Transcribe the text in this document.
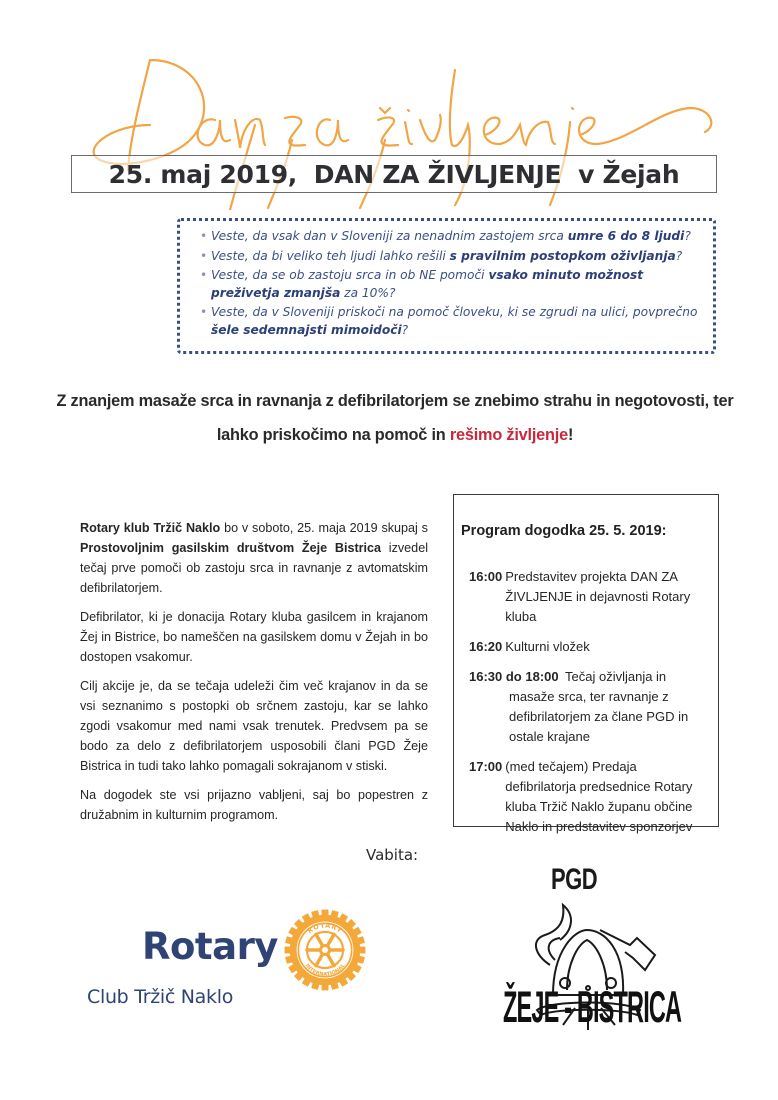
25. maj 2019,  DAN ZA ŽIVLJENJE  v Žejah
• Veste, da vsak dan v Sloveniji za nenadnim zastojem srca umre 6 do 8 ljudi?
• Veste, da bi veliko teh ljudi lahko rešili s pravilnim postopkom oživljanja?
• Veste, da se ob zastoju srca in ob NE pomoči vsako minuto možnost preživetja zmanjša za 10%?
• Veste, da v Sloveniji priskoči na pomoč človeku, ki se zgrudi na ulici, povprečno šele sedemnajsti mimoidoči?
Z znanjem masaže srca in ravnanja z defibrilatorjem se znebimo strahu in negotovosti, ter lahko priskočimo na pomoč in rešimo življenje!

Rotary klub Tržič Naklo bo v soboto, 25. maja 2019 skupaj s Prostovoljnim gasilskim društvom Žeje Bistrica izvedel tečaj prve pomoči ob zastoju srca in ravnanje z avtomatskim defibrilatorjem.

Defibrilator, ki je donacija Rotary kluba gasilcem in krajanom Žej in Bistrice, bo nameščen na gasilskem domu v Žejah in bo dostopen vsakomur.

Cilj akcije je, da se tečaja udeleži čim več krajanov in da se vsi seznanimo s postopki ob srčnem zastoju, kar se lahko zgodi vsakomur med nami vsak trenutek. Predvsem pa se bodo za delo z defibrilatorjem usposobili člani PGD Žeje Bistrica in tudi tako lahko pomagali sokrajanom v stiski.

Na dogodek ste vsi prijazno vabljeni, saj bo popestren z družabnim in kulturnim programom.

Program dogodka 25. 5. 2019:
16:00 Predstavitev projekta DAN ZA ŽIVLJENJE in dejavnosti Rotary kluba
16:20 Kulturni vložek
16:30 do 18:00 Tečaj oživljanja in masaže srca, ter ravnanje z defibrilatorjem za člane PGD in ostale krajane
17:00 (med tečajem) Predaja defibrilatorja predsednice Rotary kluba Tržič Naklo županu občine Naklo in predstavitev sponzorjev
Vabita:
Rotary
Club Tržič Naklo
ROTARY
INTERNATIONAL
PGD
ŽEJE - BISTRICA
